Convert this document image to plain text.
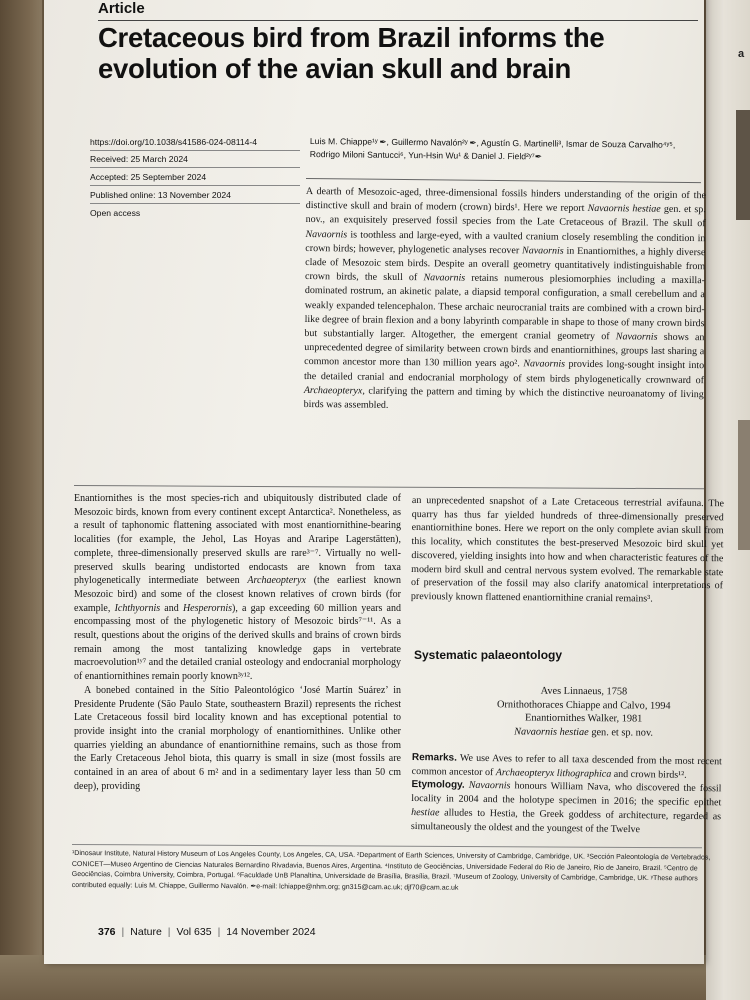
a
Article
Cretaceous bird from Brazil informs the evolution of the avian skull and brain
https://doi.org/10.1038/s41586-024-08114-4
Received: 25 March 2024
Accepted: 25 September 2024
Published online: 13 November 2024
Open access
Luis M. Chiappe¹ʸ ✒, Guillermo Navalón²ʸ ✒, Agustín G. Martinelli³, Ismar de Souza Carvalho⁴ʸ⁵,
Rodrigo Miloni Santucci⁶, Yun-Hsin Wu¹ & Daniel J. Field²ʸ⁷✒
A dearth of Mesozoic-aged, three-dimensional fossils hinders understanding of the origin of the distinctive skull and brain of modern (crown) birds¹. Here we report Navaornis hestiae gen. et sp. nov., an exquisitely preserved fossil species from the Late Cretaceous of Brazil. The skull of Navaornis is toothless and large-eyed, with a vaulted cranium closely resembling the condition in crown birds; however, phylogenetic analyses recover Navaornis in Enantiornithes, a highly diverse clade of Mesozoic stem birds. Despite an overall geometry quantitatively indistinguishable from crown birds, the skull of Navaornis retains numerous plesiomorphies including a maxilla-dominated rostrum, an akinetic palate, a diapsid temporal configuration, a small cerebellum and a weakly expanded telencephalon. These archaic neurocranial traits are combined with a crown bird-like degree of brain flexion and a bony labyrinth comparable in shape to those of many crown birds but substantially larger. Altogether, the emergent cranial geometry of Navaornis shows an unprecedented degree of similarity between crown birds and enantiornithines, groups last sharing a common ancestor more than 130 million years ago². Navaornis provides long-sought insight into the detailed cranial and endocranial morphology of stem birds phylogenetically crownward of Archaeopteryx, clarifying the pattern and timing by which the distinctive neuroanatomy of living birds was assembled.

Enantiornithes is the most species-rich and ubiquitously distributed clade of Mesozoic birds, known from every continent except Antarctica². Nonetheless, as a result of taphonomic flattening associated with most enantiornithine-bearing localities (for example, the Jehol, Las Hoyas and Araripe Lagerstätten), complete, three-dimensionally preserved skulls are rare³⁻⁷. Virtually no well-preserved skulls bearing undistorted endocasts are known from taxa phylogenetically intermediate between Archaeopteryx (the earliest known Mesozoic bird) and some of the closest known relatives of crown birds (for example, Ichthyornis and Hesperornis), a gap exceeding 60 million years and encompassing most of the phylogenetic history of Mesozoic birds⁷⁻¹¹. As a result, questions about the origins of the derived skulls and brains of crown birds remain among the most tantalizing knowledge gaps in vertebrate macroevolution¹ʸ⁷ and the detailed cranial osteology and endocranial morphology of enantiornithines remain poorly known³ʸ¹².

A bonebed contained in the Sítio Paleontológico ‘José Martín Suárez’ in Presidente Prudente (São Paulo State, southeastern Brazil) represents the richest Late Cretaceous fossil bird locality known and has exceptional potential to provide insight into the cranial morphology of enantiornithines. Unlike other quarries yielding an abundance of enantiornithine remains, such as those from the Early Cretaceous Jehol biota, this quarry is small in size (most fossils are contained in an area of about 6 m² and in a sedimentary layer less than 50 cm deep), providing

an unprecedented snapshot of a Late Cretaceous terrestrial avifauna. The quarry has thus far yielded hundreds of three-dimensionally preserved enantiornithine bones. Here we report on the only complete avian skull from this locality, which constitutes the best-preserved Mesozoic bird skull yet discovered, yielding insights into how and when characteristic features of the modern bird skull and central nervous system evolved. The remarkable state of preservation of the fossil may also clarify anatomical interpretations of previously known flattened enantiornithine cranial remains³.

Systematic palaeontology
Aves Linnaeus, 1758
Ornithothoraces Chiappe and Calvo, 1994
Enantiornithes Walker, 1981
Navaornis hestiae gen. et sp. nov.

Remarks. We use Aves to refer to all taxa descended from the most recent common ancestor of Archaeopteryx lithographica and crown birds¹².

Etymology. Navaornis honours William Nava, who discovered the fossil locality in 2004 and the holotype specimen in 2016; the specific epithet hestiae alludes to Hestia, the Greek goddess of architecture, regarded as simultaneously the oldest and the youngest of the Twelve

¹Dinosaur Institute, Natural History Museum of Los Angeles County, Los Angeles, CA, USA. ²Department of Earth Sciences, University of Cambridge, Cambridge, UK. ³Sección Paleontología de Vertebrados, CONICET—Museo Argentino de Ciencias Naturales Bernardino Rivadavia, Buenos Aires, Argentina. ⁴Instituto de Geociências, Universidade Federal do Rio de Janeiro, Rio de Janeiro, Brazil. ⁵Centro de Geociências, Coimbra University, Coimbra, Portugal. ⁶Faculdade UnB Planaltina, Universidade de Brasília, Brasília, Brazil. ⁷Museum of Zoology, University of Cambridge, Cambridge, UK. ʸThese authors contributed equally: Luis M. Chiappe, Guillermo Navalón. ✒e-mail: lchiappe@nhm.org; gn315@cam.ac.uk; djf70@cam.ac.uk
376 | Nature | Vol 635 | 14 November 2024
